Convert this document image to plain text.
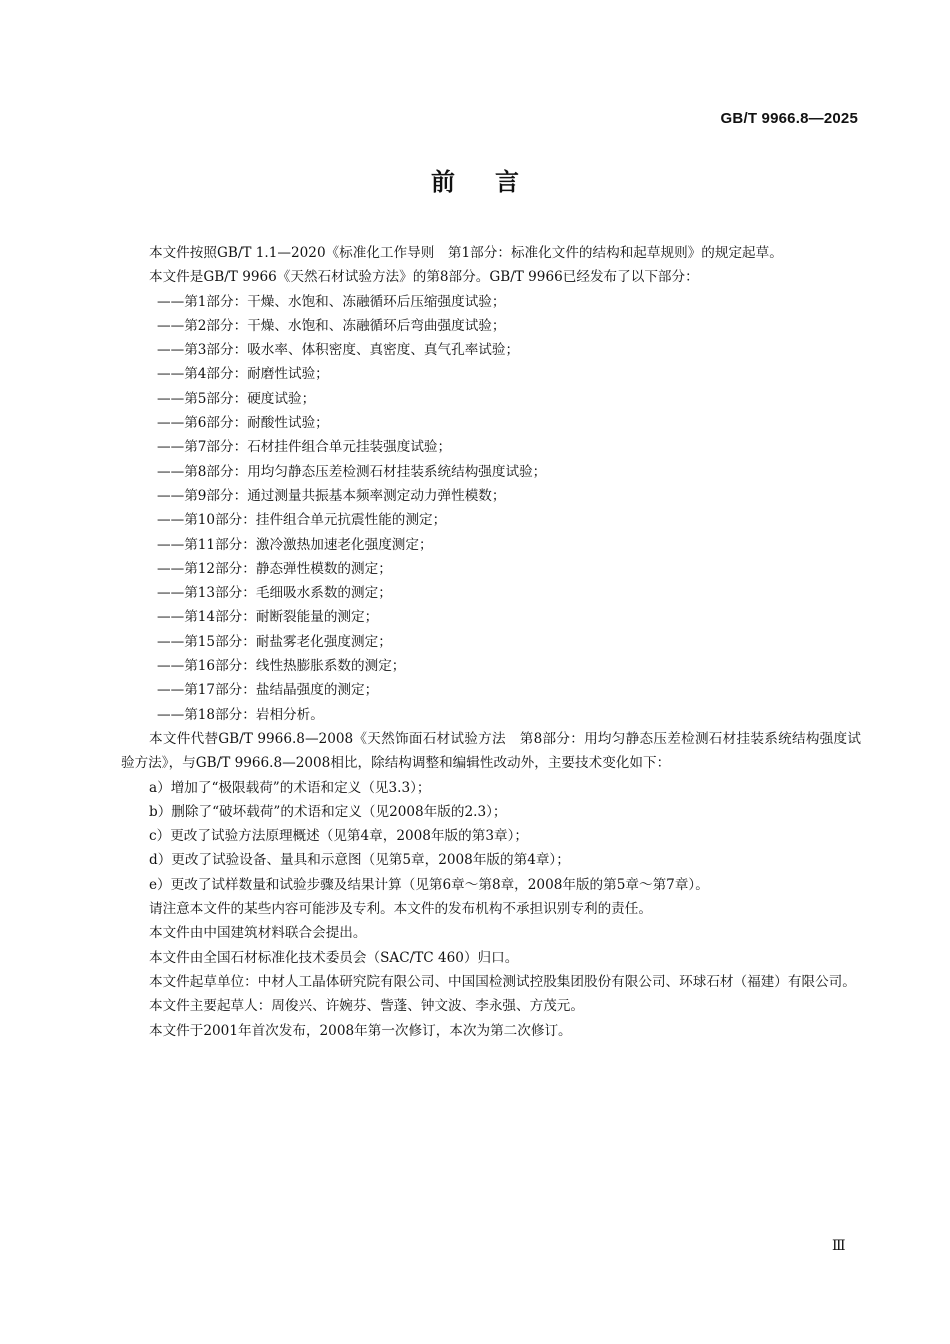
GB/T 9966.8—2025
前言

本文件按照GB/T 1.1—2020《标准化工作导则　第1部分：标准化文件的结构和起草规则》的规定起草。

本文件是GB/T 9966《天然石材试验方法》的第8部分。GB/T 9966已经发布了以下部分：

——第1部分：干燥、水饱和、冻融循环后压缩强度试验；

——第2部分：干燥、水饱和、冻融循环后弯曲强度试验；

——第3部分：吸水率、体积密度、真密度、真气孔率试验；

——第4部分：耐磨性试验；

——第5部分：硬度试验；

——第6部分：耐酸性试验；

——第7部分：石材挂件组合单元挂装强度试验；

——第8部分：用均匀静态压差检测石材挂装系统结构强度试验；

——第9部分：通过测量共振基本频率测定动力弹性模数；

——第10部分：挂件组合单元抗震性能的测定；

——第11部分：激冷激热加速老化强度测定；

——第12部分：静态弹性模数的测定；

——第13部分：毛细吸水系数的测定；

——第14部分：耐断裂能量的测定；

——第15部分：耐盐雾老化强度测定；

——第16部分：线性热膨胀系数的测定；

——第17部分：盐结晶强度的测定；

——第18部分：岩相分析。

本文件代替GB/T 9966.8—2008《天然饰面石材试验方法　第8部分：用均匀静态压差检测石材挂装系统结构强度试验方法》，与GB/T 9966.8—2008相比，除结构调整和编辑性改动外，主要技术变化如下：

a）增加了“极限载荷”的术语和定义（见3.3）；

b）删除了“破坏载荷”的术语和定义（见2008年版的2.3）；

c）更改了试验方法原理概述（见第4章，2008年版的第3章）；

d）更改了试验设备、量具和示意图（见第5章，2008年版的第4章）；

e）更改了试样数量和试验步骤及结果计算（见第6章～第8章，2008年版的第5章～第7章）。

请注意本文件的某些内容可能涉及专利。本文件的发布机构不承担识别专利的责任。

本文件由中国建筑材料联合会提出。

本文件由全国石材标准化技术委员会（SAC/TC 460）归口。

本文件起草单位：中材人工晶体研究院有限公司、中国国检测试控股集团股份有限公司、环球石材（福建）有限公司。

本文件主要起草人：周俊兴、许婉芬、訾蓬、钟文波、李永强、方茂元。

本文件于2001年首次发布，2008年第一次修订，本次为第二次修订。

Ⅲ
